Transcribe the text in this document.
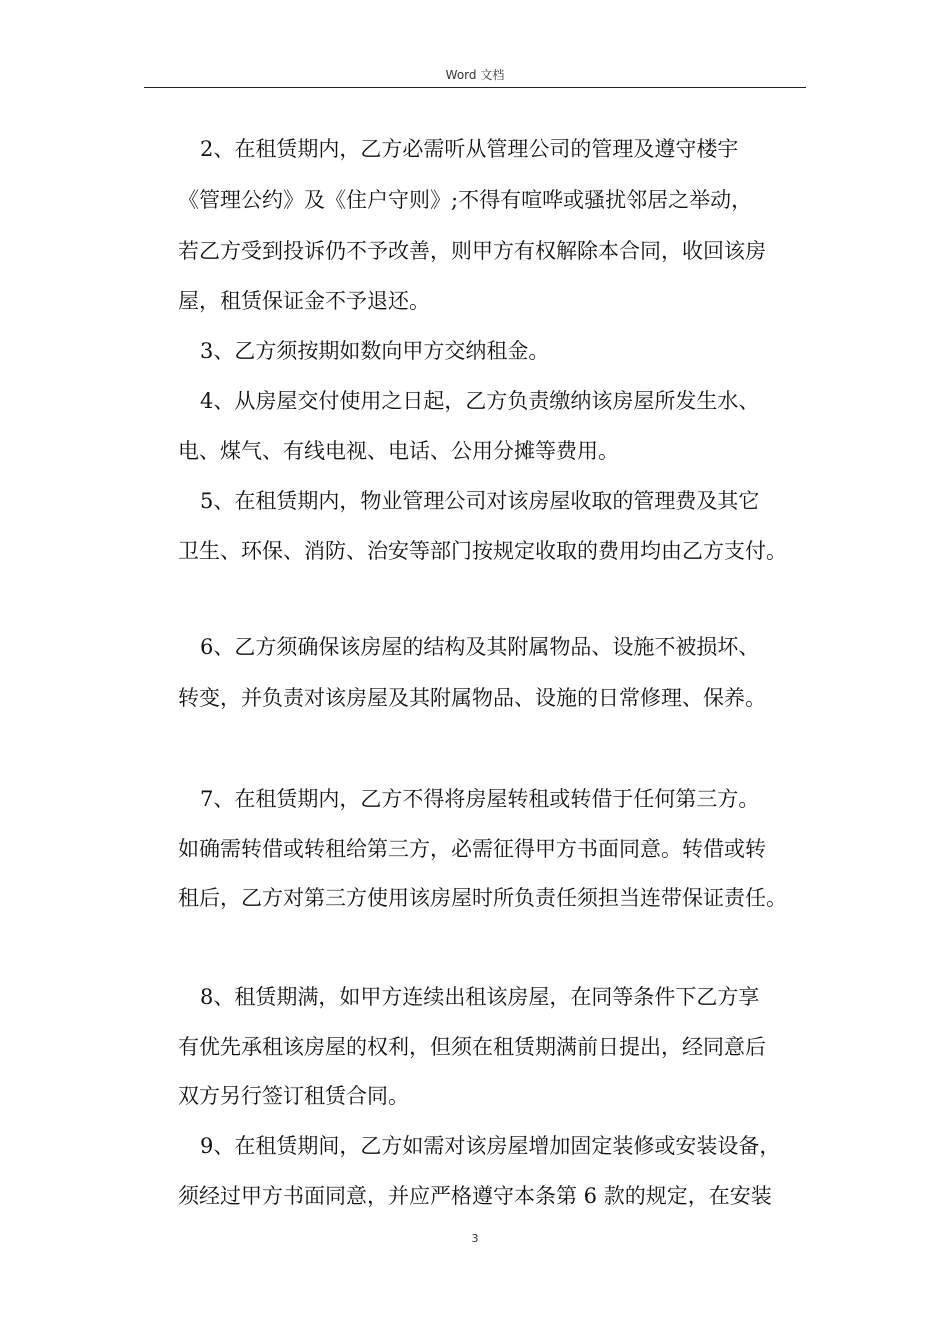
Word 文档
2、在租赁期内，乙方必需听从管理公司的管理及遵守楼宇
《管理公约》及《住户守则》;不得有喧哗或骚扰邻居之举动，
若乙方受到投诉仍不予改善，则甲方有权解除本合同，收回该房
屋，租赁保证金不予退还。
3、乙方须按期如数向甲方交纳租金。
4、从房屋交付使用之日起，乙方负责缴纳该房屋所发生水、
电、煤气、有线电视、电话、公用分摊等费用。
5、在租赁期内，物业管理公司对该房屋收取的管理费及其它
卫生、环保、消防、治安等部门按规定收取的费用均由乙方支付。
6、乙方须确保该房屋的结构及其附属物品、设施不被损坏、
转变，并负责对该房屋及其附属物品、设施的日常修理、保养。
7、在租赁期内，乙方不得将房屋转租或转借于任何第三方。
如确需转借或转租给第三方，必需征得甲方书面同意。转借或转
租后，乙方对第三方使用该房屋时所负责任须担当连带保证责任。
8、租赁期满，如甲方连续出租该房屋，在同等条件下乙方享
有优先承租该房屋的权利，但须在租赁期满前日提出，经同意后
双方另行签订租赁合同。
9、在租赁期间，乙方如需对该房屋增加固定装修或安装设备，
须经过甲方书面同意，并应严格遵守本条第 6 款的规定，在安装
3
